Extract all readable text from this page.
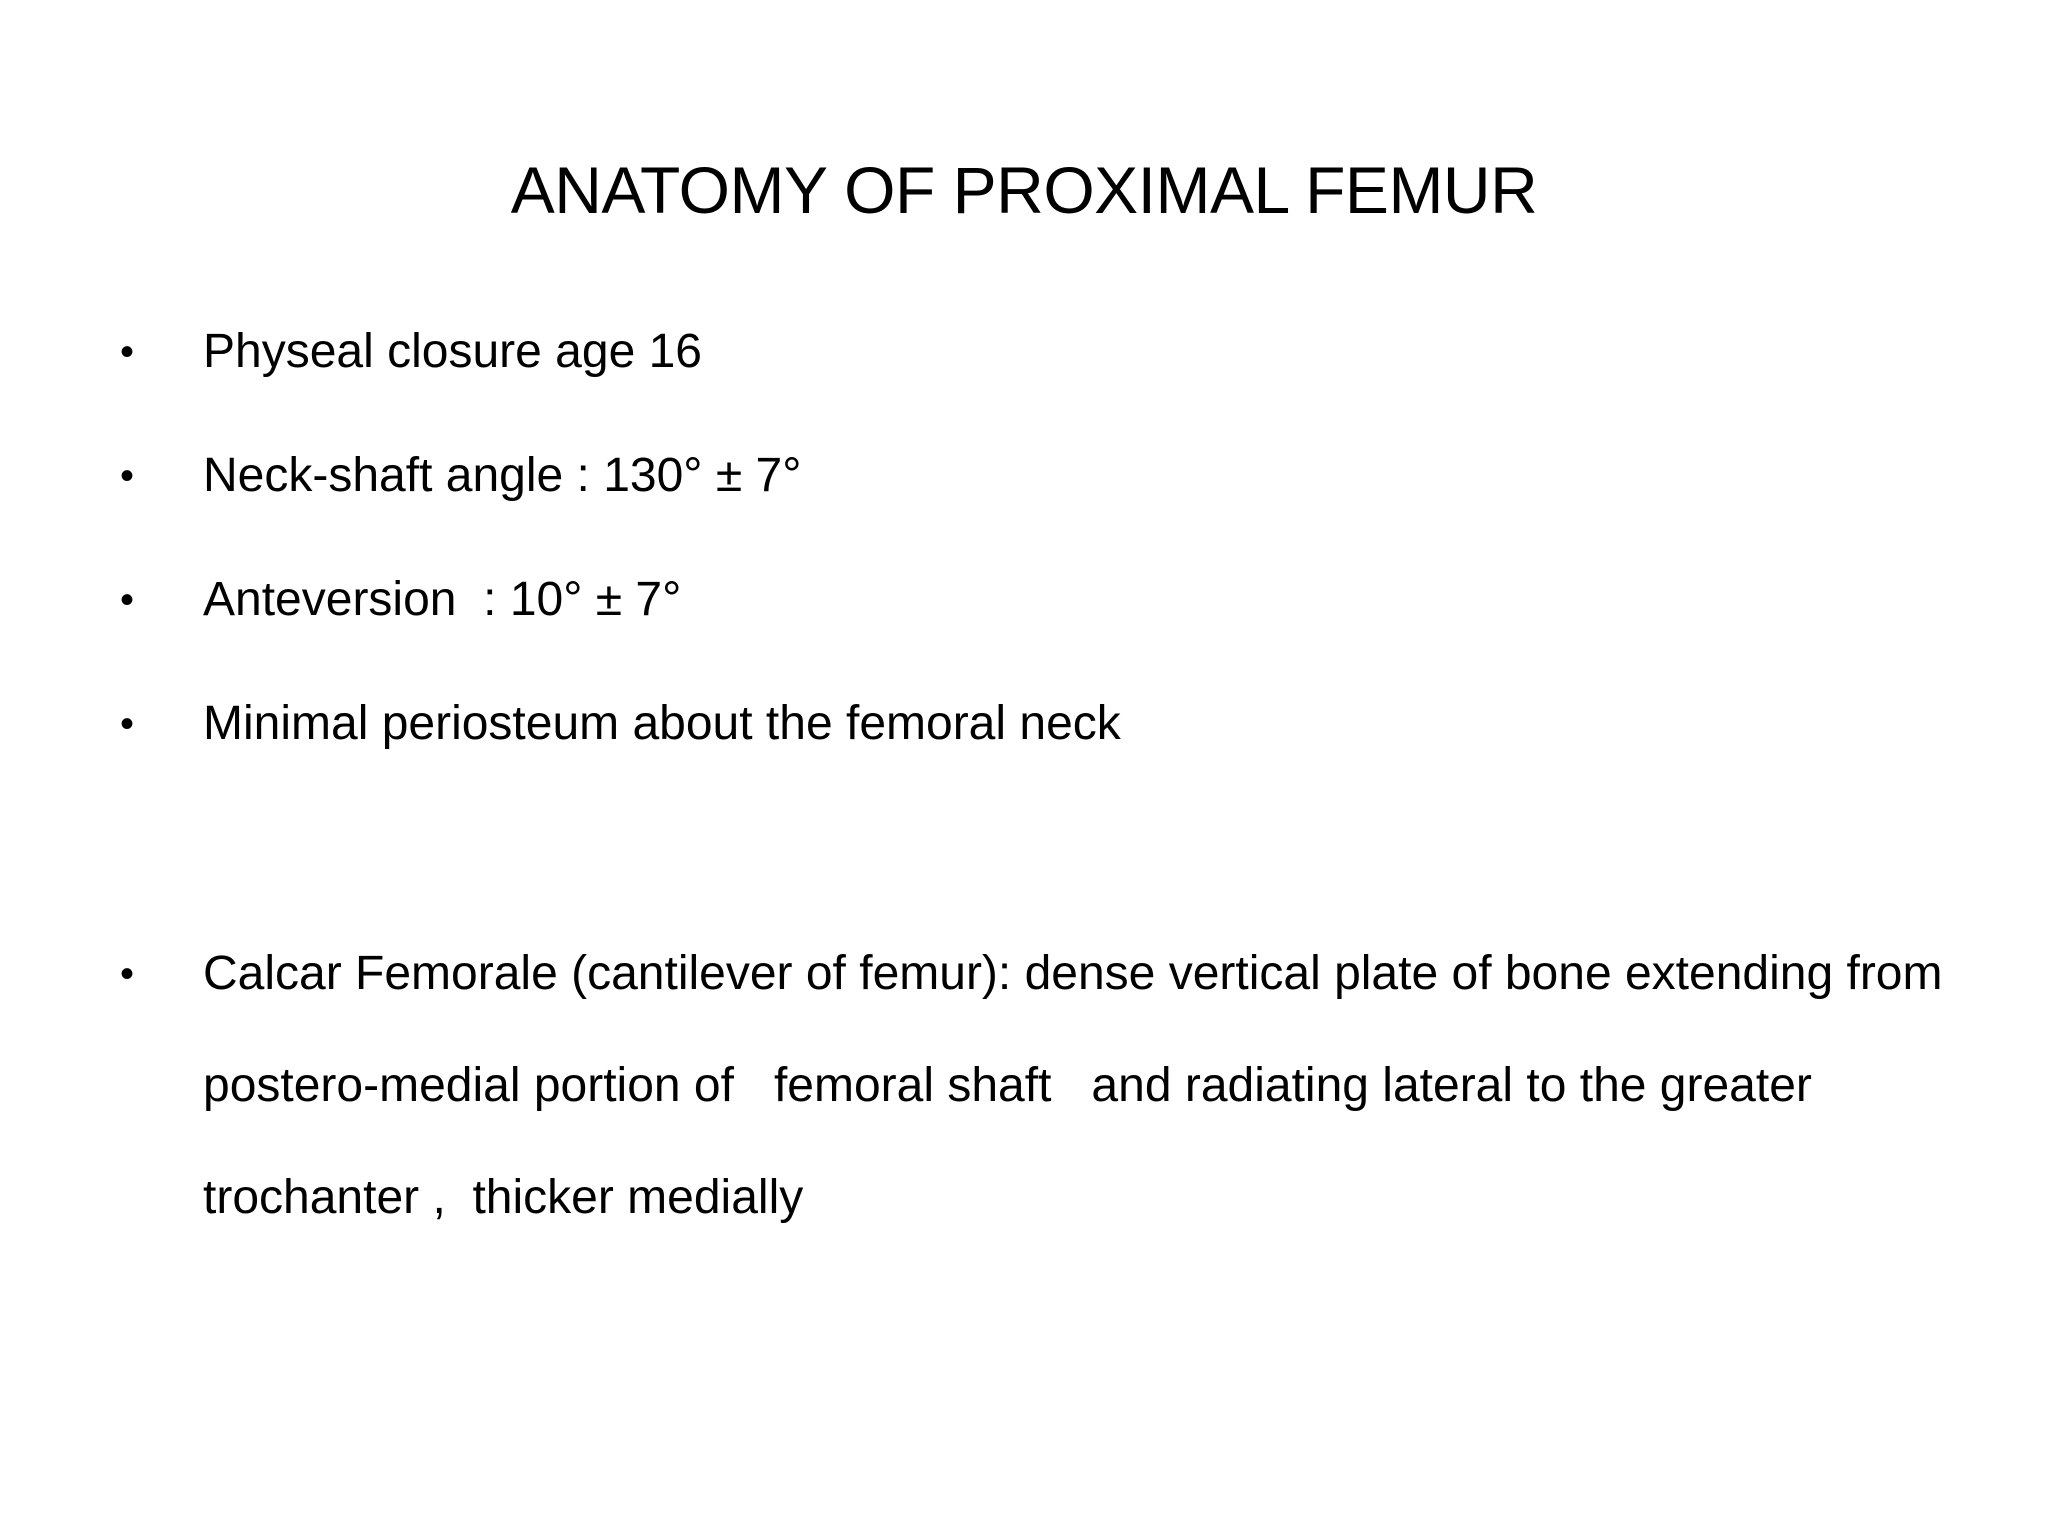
ANATOMY OF PROXIMAL FEMUR
•	Physeal closure age 16
•	Neck-shaft angle : 130° ± 7°
•	Anteversion  : 10° ± 7°
•	Minimal periosteum about the femoral neck
•	Calcar Femorale (cantilever of femur): dense vertical plate of bone extending from   postero-medial portion of   femoral shaft   and radiating lateral to the greater trochanter ,  thicker medially
